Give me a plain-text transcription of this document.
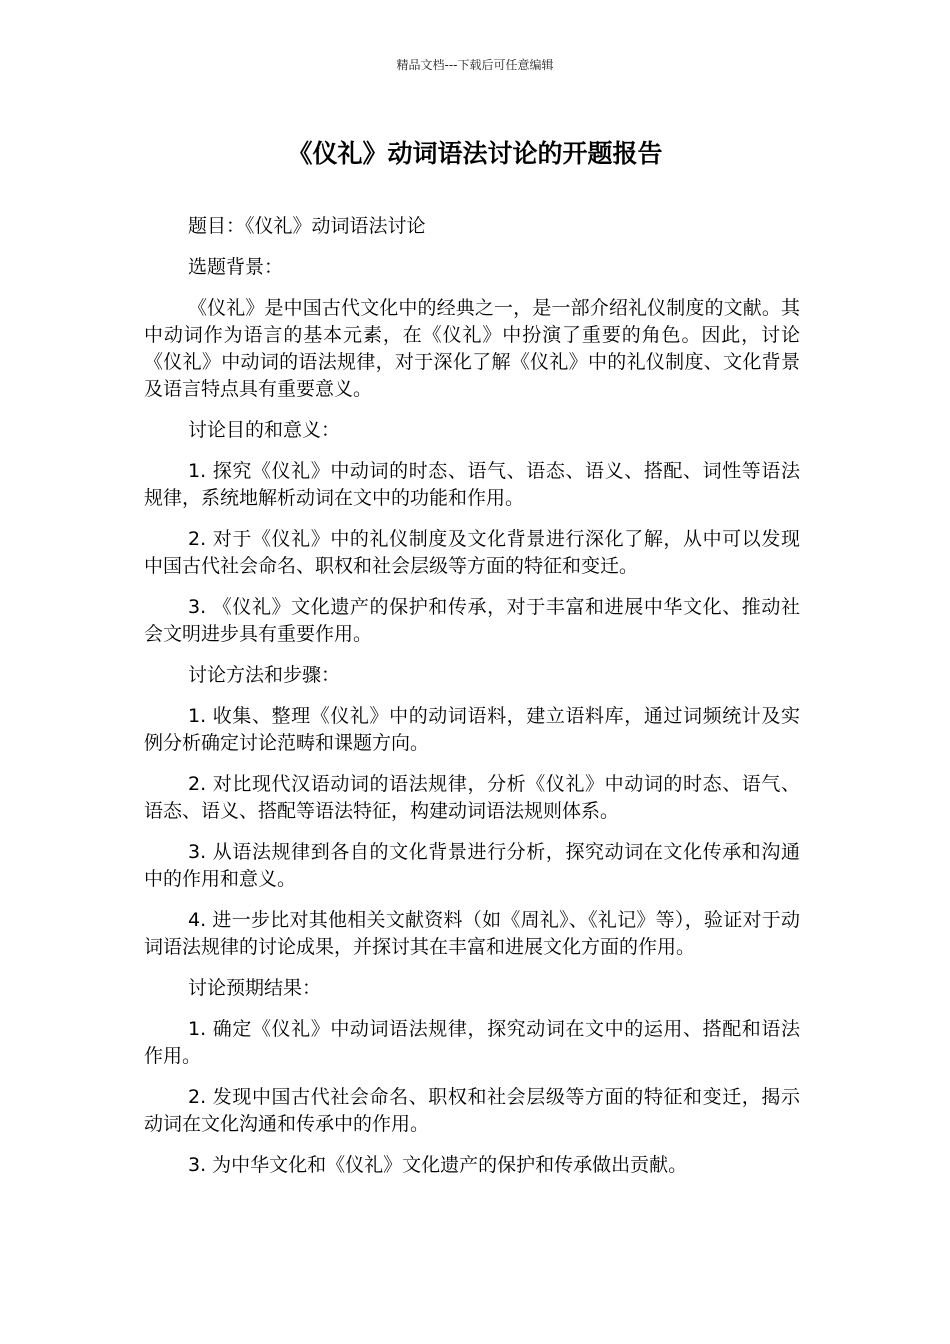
精品文档---下载后可任意编辑
《仪礼》动词语法讨论的开题报告

题目：《仪礼》动词语法讨论

选题背景：

《仪礼》是中国古代文化中的经典之一，是一部介绍礼仪制度的文献。其中动词作为语言的基本元素，在《仪礼》中扮演了重要的角色。因此，讨论《仪礼》中动词的语法规律，对于深化了解《仪礼》中的礼仪制度、文化背景及语言特点具有重要意义。

讨论目的和意义：

1. 探究《仪礼》中动词的时态、语气、语态、语义、搭配、词性等语法规律，系统地解析动词在文中的功能和作用。

2. 对于《仪礼》中的礼仪制度及文化背景进行深化了解，从中可以发现中国古代社会命名、职权和社会层级等方面的特征和变迁。

3. 《仪礼》文化遗产的保护和传承，对于丰富和进展中华文化、推动社会文明进步具有重要作用。

讨论方法和步骤：

1. 收集、整理《仪礼》中的动词语料，建立语料库，通过词频统计及实例分析确定讨论范畴和课题方向。

2. 对比现代汉语动词的语法规律，分析《仪礼》中动词的时态、语气、语态、语义、搭配等语法特征，构建动词语法规则体系。

3. 从语法规律到各自的文化背景进行分析，探究动词在文化传承和沟通中的作用和意义。

4. 进一步比对其他相关文献资料（如《周礼》、《礼记》等），验证对于动词语法规律的讨论成果，并探讨其在丰富和进展文化方面的作用。

讨论预期结果：

1. 确定《仪礼》中动词语法规律，探究动词在文中的运用、搭配和语法作用。

2. 发现中国古代社会命名、职权和社会层级等方面的特征和变迁，揭示动词在文化沟通和传承中的作用。

3. 为中华文化和《仪礼》文化遗产的保护和传承做出贡献。
